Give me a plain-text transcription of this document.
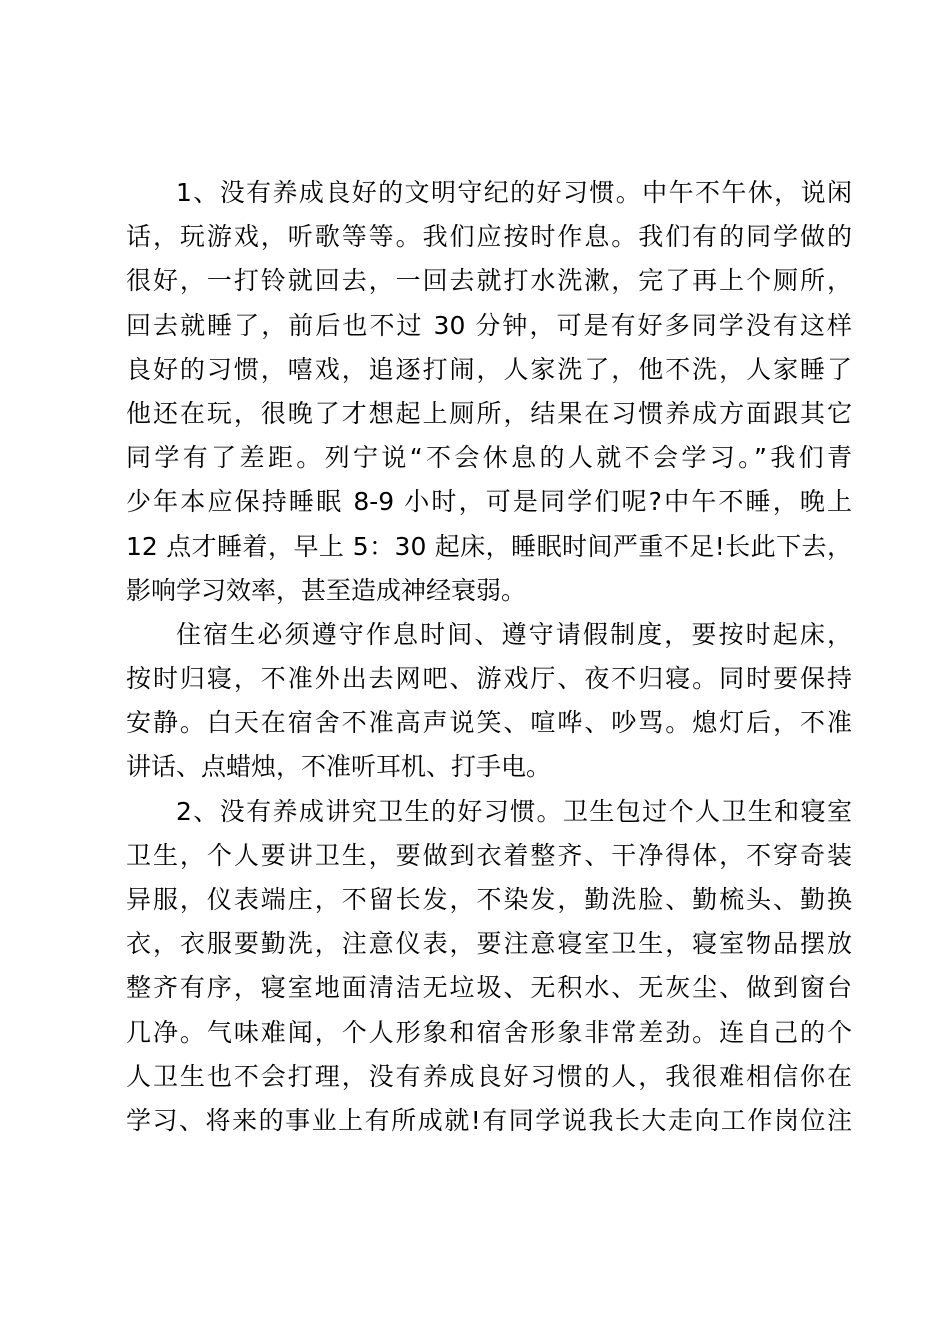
1、没有养成良好的文明守纪的好习惯。中午不午休，说闲
话，玩游戏，听歌等等。我们应按时作息。我们有的同学做的
很好，一打铃就回去，一回去就打水洗漱，完了再上个厕所，
回去就睡了，前后也不过 30 分钟，可是有好多同学没有这样
良好的习惯，嘻戏，追逐打闹，人家洗了，他不洗，人家睡了
他还在玩，很晚了才想起上厕所，结果在习惯养成方面跟其它
同学有了差距。列宁说“不会休息的人就不会学习。”我们青
少年本应保持睡眠 8-9 小时，可是同学们呢?中午不睡，晚上
12 点才睡着，早上 5：30 起床，睡眠时间严重不足!长此下去，
影响学习效率，甚至造成神经衰弱。
住宿生必须遵守作息时间、遵守请假制度，要按时起床，
按时归寝，不准外出去网吧、游戏厅、夜不归寝。同时要保持
安静。白天在宿舍不准高声说笑、喧哗、吵骂。熄灯后，不准
讲话、点蜡烛，不准听耳机、打手电。
2、没有养成讲究卫生的好习惯。卫生包过个人卫生和寝室
卫生，个人要讲卫生，要做到衣着整齐、干净得体，不穿奇装
异服，仪表端庄，不留长发，不染发，勤洗脸、勤梳头、勤换
衣，衣服要勤洗，注意仪表，要注意寝室卫生，寝室物品摆放
整齐有序，寝室地面清洁无垃圾、无积水、无灰尘、做到窗台
几净。气味难闻，个人形象和宿舍形象非常差劲。连自己的个
人卫生也不会打理，没有养成良好习惯的人，我很难相信你在
学习、将来的事业上有所成就!有同学说我长大走向工作岗位注
